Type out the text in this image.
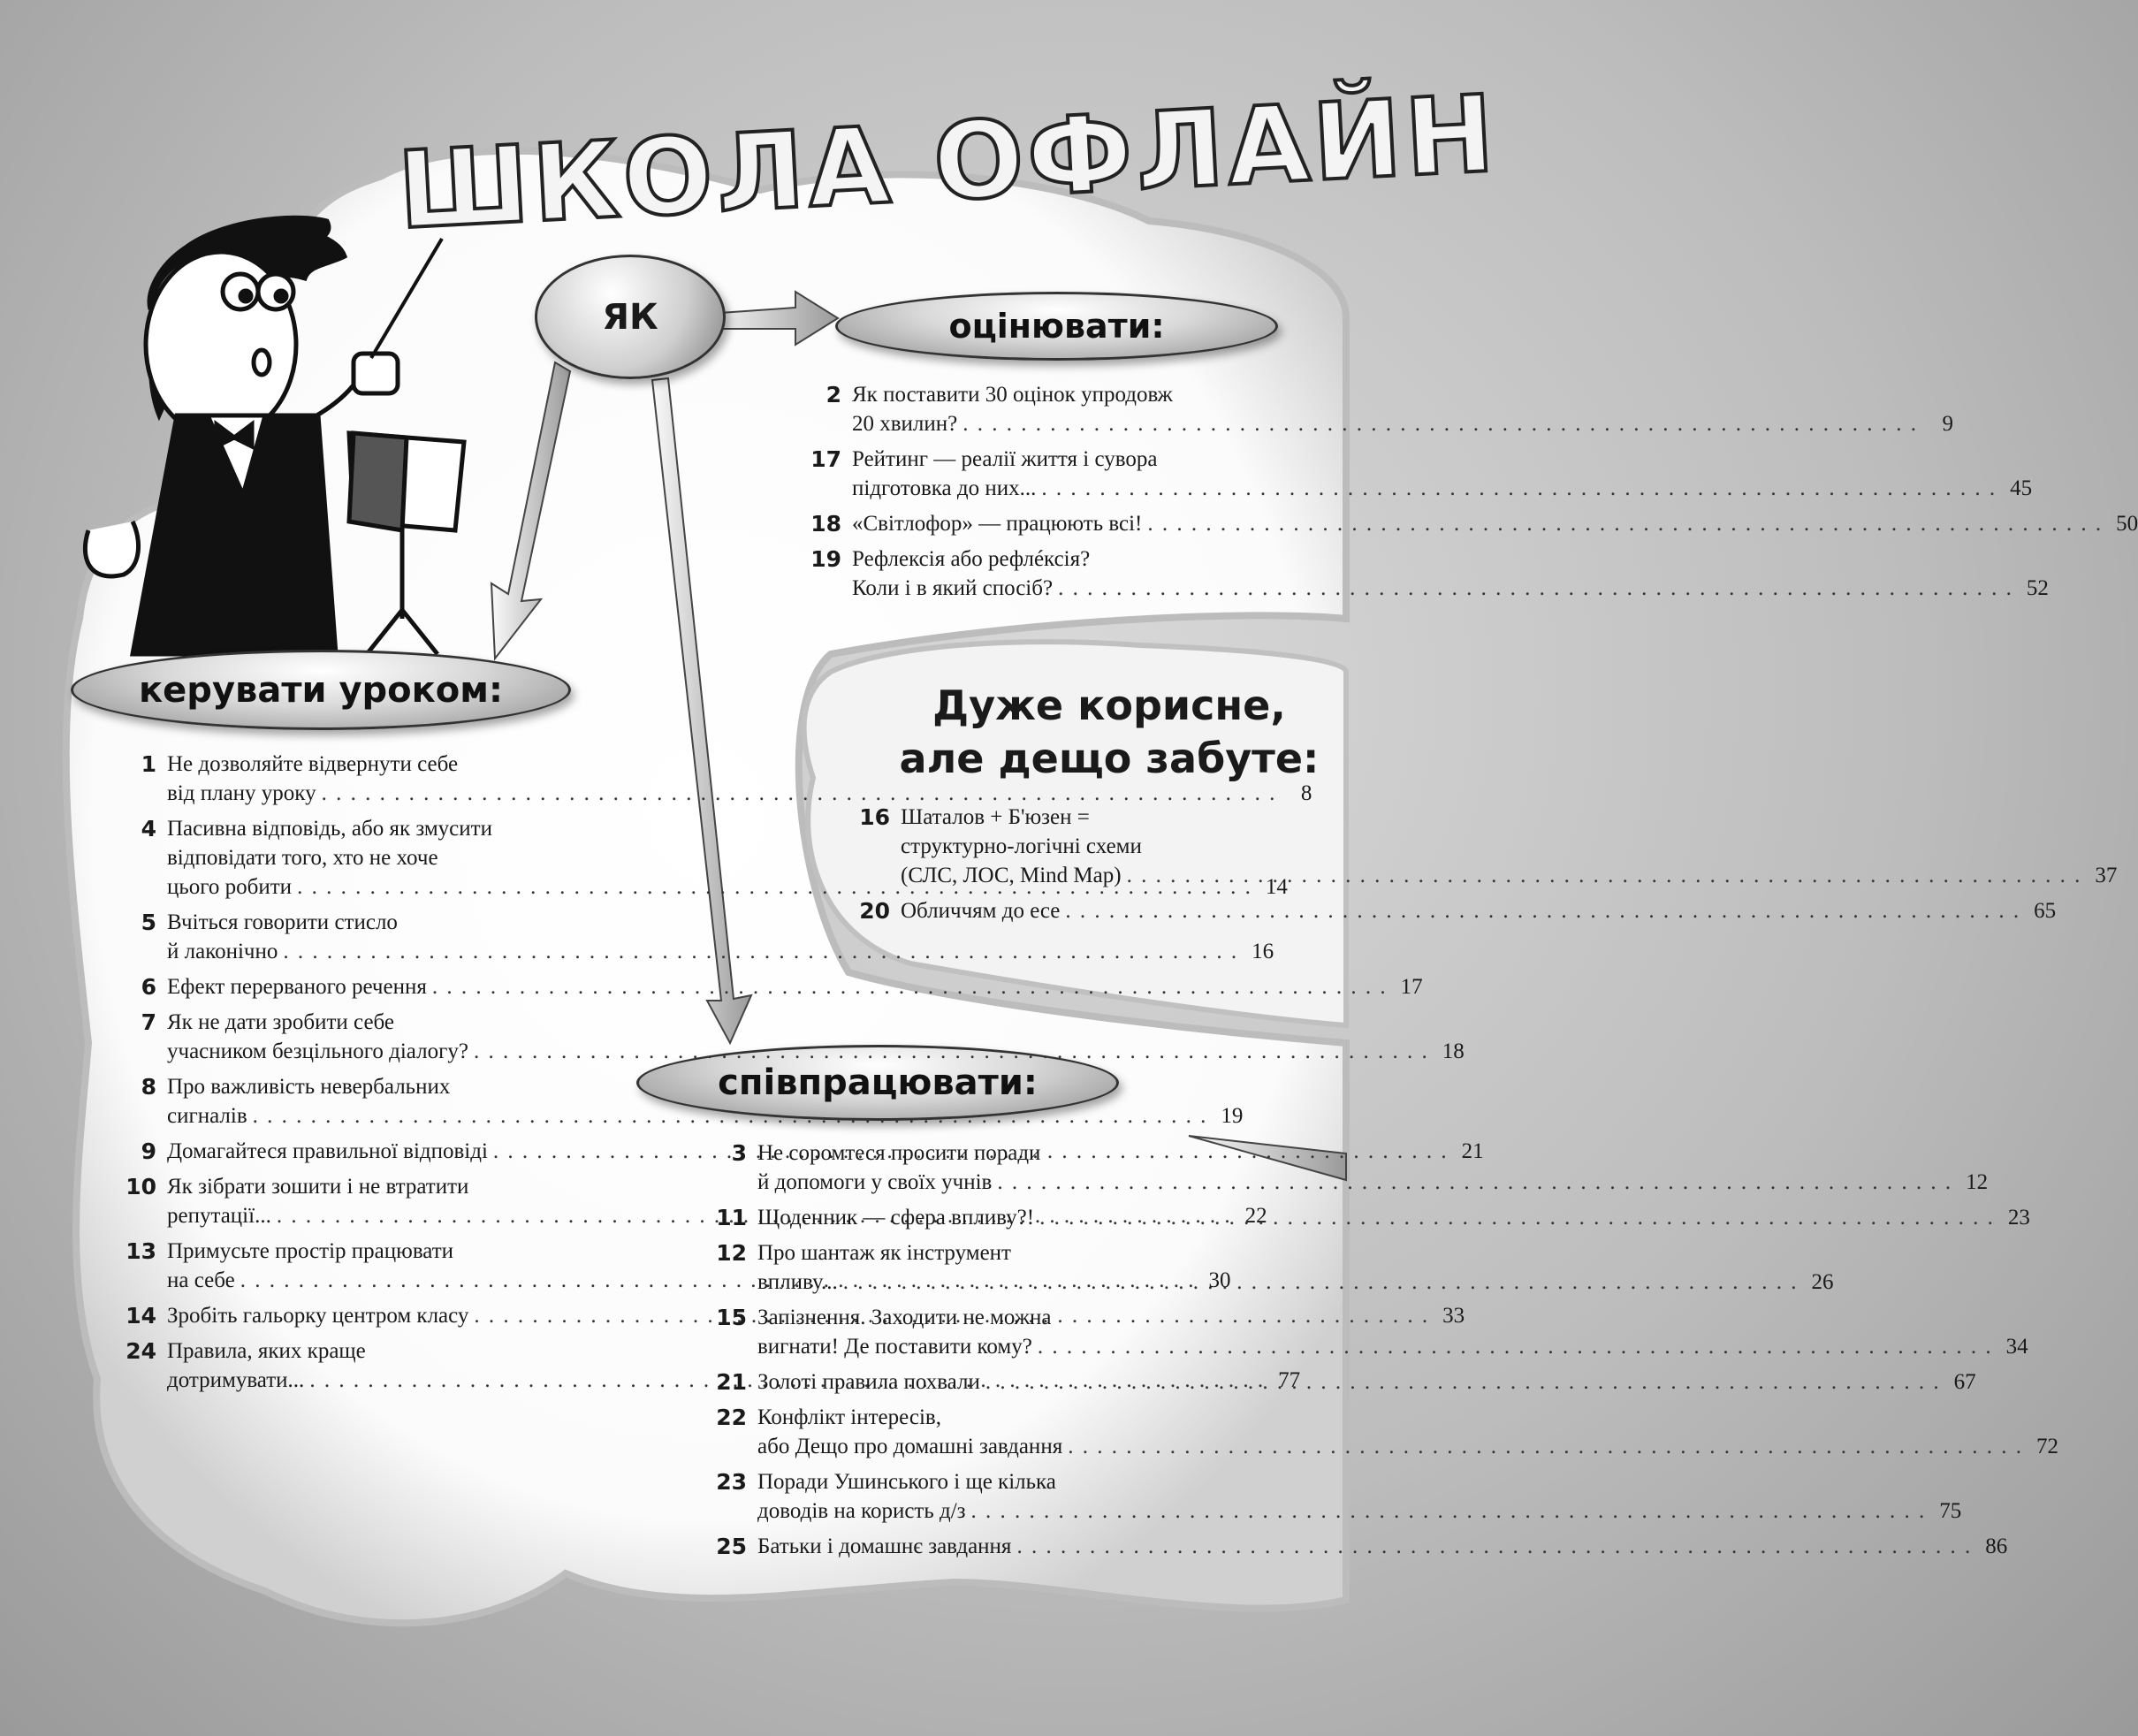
ШКОЛА ОФЛАЙН
ЯК	оцінювати:
керувати уроком:
співпрацювати:
Дуже корисне,
але дещо забуте:
2 Як поставити 30 оцінок упродовж
20 хвилин? . . .	9
17 Рейтинг — реалії життя і сувора
підготовка до них... . . .	45
18 «Світлофор» — працюють всі! . . .	50
19 Рефлексія або рефлéксія?
Коли і в який спосіб? . . .	52
1 Не дозволяйте відвернути себе
від плану уроку . . .	8
4 Пасивна відповідь, або як змусити
відповідати того, хто не хоче
цього робити . . .	14
5 Вчіться говорити стисло
й лаконічно . . .	16
6 Ефект перерваного речення . . .	17
7 Як не дати зробити себе
учасником безцільного діалогу? . . .	18
8 Про важливість невербальних
сигналів . . .	19
9 Домагайтеся правильної відповіді . . .	21
10 Як зібрати зошити і не втратити
репутації... . . .	22
13 Примусьте простір працювати
на себе . . .	30
14 Зробіть гальорку центром класу . . .	33
24 Правила, яких краще
дотримувати... . . .	77
16 Шаталов + Б'юзен =
структурно-логічні схеми
(СЛС, ЛОС, Mind Map) . . .	37
20 Обличчям до есе . . .	65
3 Не соромтеся просити поради
й допомоги у своїх учнів . . .	12
11 Щоденник — сфера впливу?! . . .	23
12 Про шантаж як інструмент
впливу... . . .	26
15 Запізнення. Заходити не можна
вигнати! Де поставити кому? . . .	34
21 Золоті правила похвали . . .	67
22 Конфлікт інтересів,
або Дещо про домашні завдання . . .	72
23 Поради Ушинського і ще кілька
доводів на користь д/з . . .	75
25 Батьки і домашнє завдання . . .	86
